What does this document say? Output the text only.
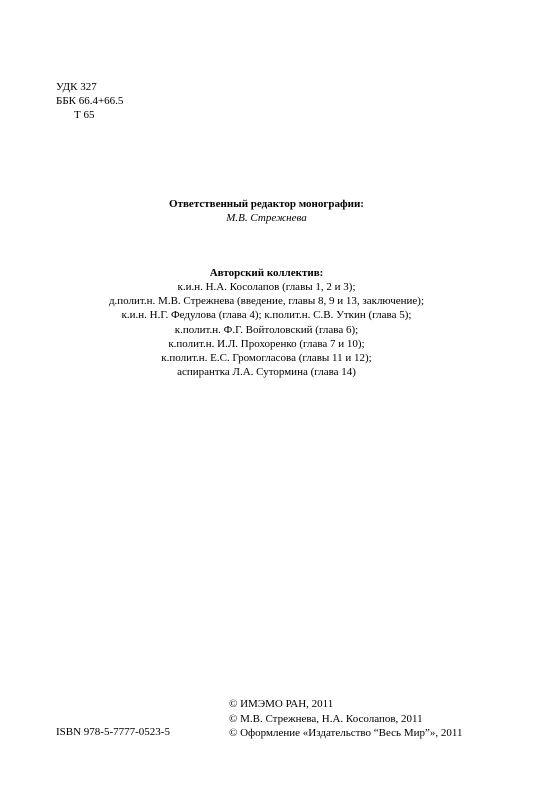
УДК 327
ББК 66.4+66.5
Т 65
Ответственный редактор монографии:
М.В. Стрежнева
Авторский коллектив:
к.и.н. Н.А. Косолапов (главы 1, 2 и 3);
д.полит.н. М.В. Стрежнева (введение, главы 8, 9 и 13, заключение);
к.и.н. Н.Г. Федулова (глава 4); к.полит.н. С.В. Уткин (глава 5);
к.полит.н. Ф.Г. Войтоловский (глава 6);
к.полит.н. И.Л. Прохоренко (глава 7 и 10);
к.полит.н. Е.С. Громогласова (главы 11 и 12);
аспирантка Л.А. Сутормина (глава 14)
ISBN 978-5-7777-0523-5
© ИМЭМО РАН, 2011
© М.В. Стрежнева, Н.А. Косолапов, 2011
© Оформление «Издательство “Весь Мир”», 2011
